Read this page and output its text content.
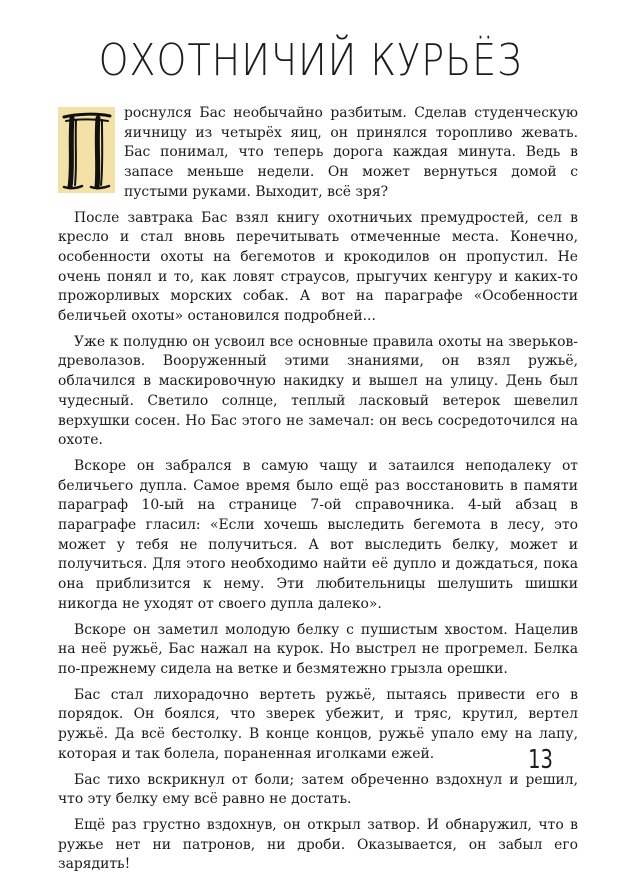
ОХОТНИЧИЙ КУРЬЁЗ

роснулся Бас необычайно разбитым. Сделав студенческую яичницу из четырёх яиц, он принялся торопливо жевать. Бас понимал, что теперь дорога каждая минута. Ведь в запасе меньше недели. Он может вернуться домой с пустыми руками. Выходит, всё зря?

После завтрака Бас взял книгу охотничьих премудростей, сел в кресло и стал вновь перечитывать отмеченные места. Конечно, особенности охоты на бегемотов и крокодилов он пропустил. Не очень понял и то, как ловят страусов, прыгучих кенгуру и каких-то прожорливых морских собак. А вот на параграфе «Особенности беличьей охоты» остановился подробней...

Уже к полудню он усвоил все основные правила охоты на зверьков-древолазов. Вооруженный этими знаниями, он взял ружьё, облачился в маскировочную накидку и вышел на улицу. День был чудесный. Светило солнце, теплый ласковый ветерок шевелил верхушки сосен. Но Бас этого не замечал: он весь сосредоточился на охоте.

Вскоре он забрался в самую чащу и затаился неподалеку от беличьего дупла. Самое время было ещё раз восстановить в памяти параграф 10-ый на странице 7-ой справочника. 4-ый абзац в параграфе гласил: «Если хочешь выследить бегемота в лесу, это может у тебя не получиться. А вот выследить белку, может и получиться. Для этого необходимо найти её дупло и дождаться, пока она приблизится к нему. Эти любительницы шелушить шишки никогда не уходят от своего дупла далеко».

Вскоре он заметил молодую белку с пушистым хвостом. Нацелив на неё ружьё, Бас нажал на курок. Но выстрел не прогремел. Белка по-прежнему сидела на ветке и безмятежно грызла орешки.

Бас стал лихорадочно вертеть ружьё, пытаясь привести его в порядок. Он боялся, что зверек убежит, и тряс, крутил, вертел ружьё. Да всё бестолку. В конце концов, ружьё упало ему на лапу, которая и так болела, пораненная иголками ежей.

Бас тихо вскрикнул от боли; затем обреченно вздохнул и решил, что эту белку ему всё равно не достать.

Ещё раз грустно вздохнув, он открыл затвор. И обнаружил, что в ружье нет ни патронов, ни дроби. Оказывается, он забыл его зарядить!

13
